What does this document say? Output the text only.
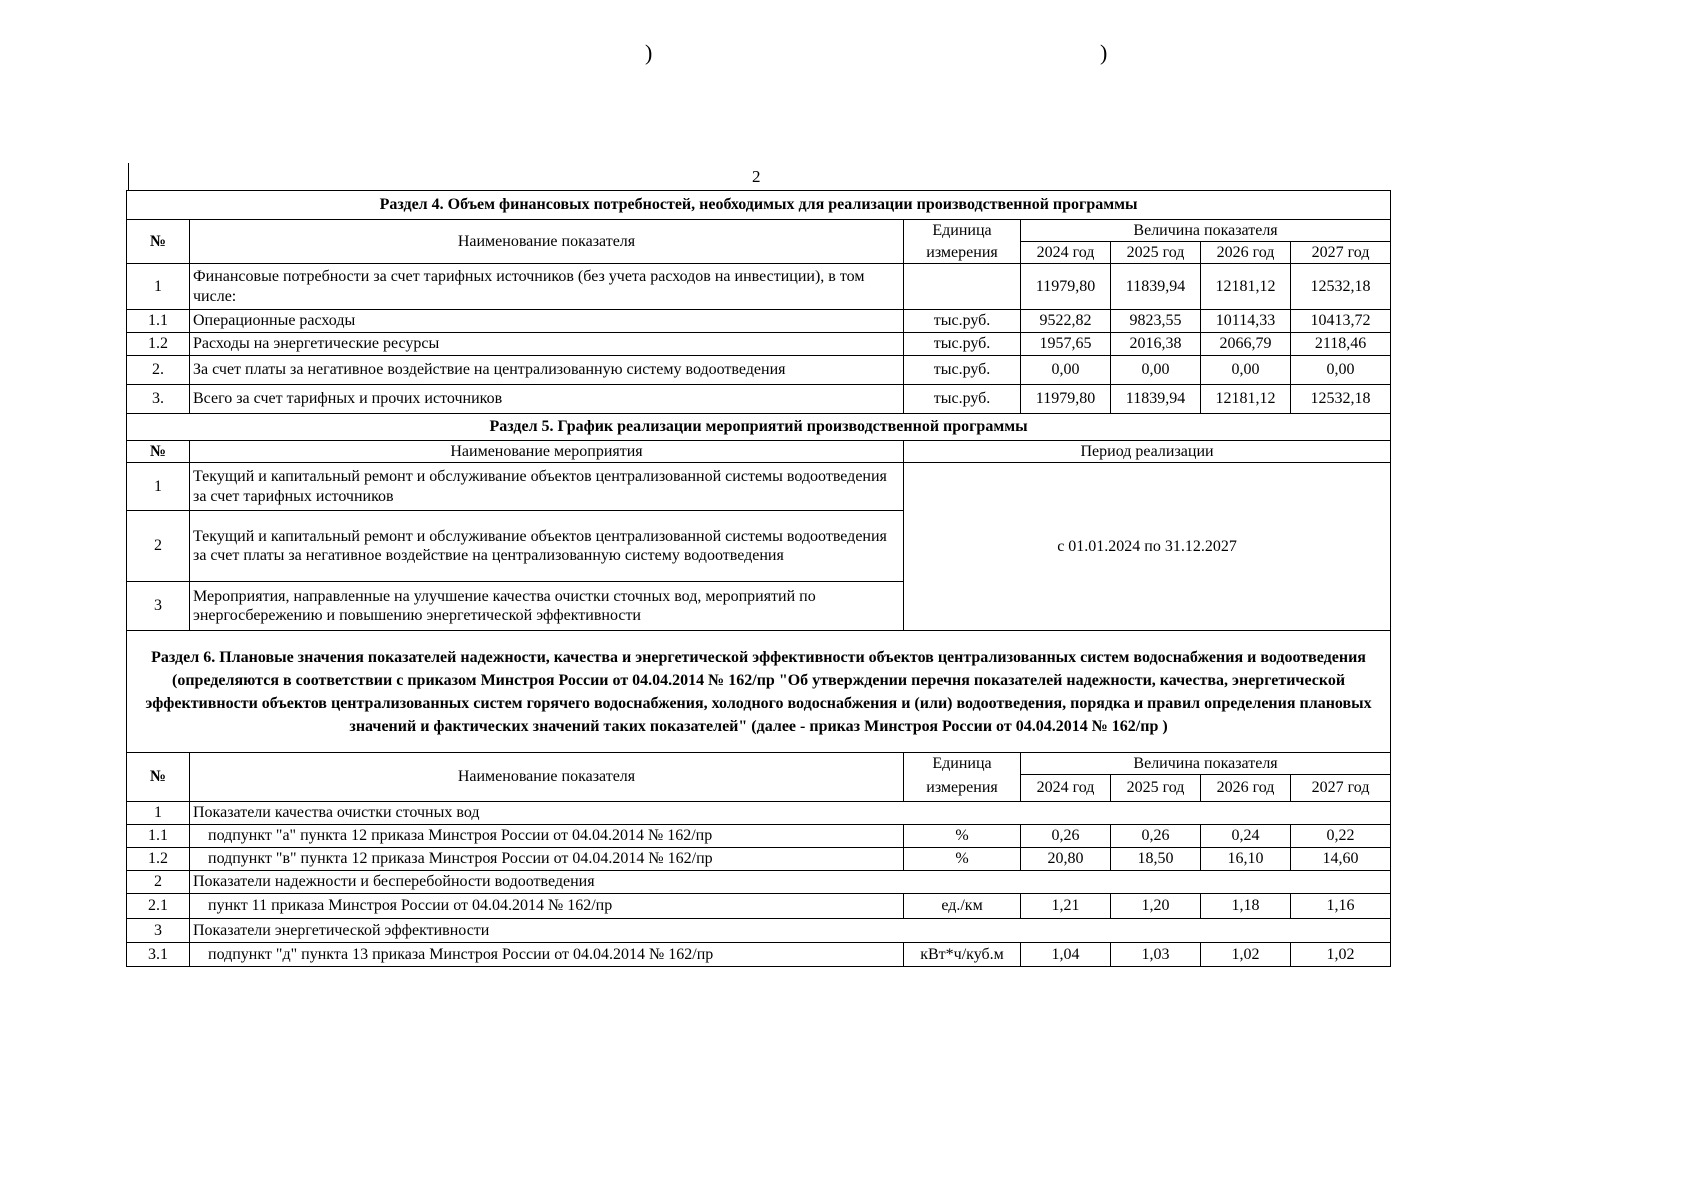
)	)
2
Раздел 4. Объем финансовых потребностей, необходимых для реализации производственной программы						
№	Наименование показателя	Единица	Величина показателя			
		измерения	2024 год	2025 год	2026 год	2027 год
1	Финансовые потребности за счет тарифных источников (без учета расходов на инвестиции), в том числе:		11979,80	11839,94	12181,12	12532,18
1.1	Операционные расходы	тыс.руб.	9522,82	9823,55	10114,33	10413,72
1.2	Расходы на энергетические ресурсы	тыс.руб.	1957,65	2016,38	2066,79	2118,46
2.	За счет платы за негативное воздействие на централизованную систему водоотведения	тыс.руб.	0,00	0,00	0,00	0,00
3.	Всего за счет тарифных и прочих источников	тыс.руб.	11979,80	11839,94	12181,12	12532,18
Раздел 5. График реализации мероприятий производственной программы						
№	Наименование мероприятия	Период реализации				
1	Текущий и капитальный ремонт и обслуживание объектов централизованной системы водоотведения за счет тарифных источников	с 01.01.2024 по 31.12.2027				
2	Текущий и капитальный ремонт и обслуживание объектов централизованной системы водоотведения за счет платы за негативное воздействие на централизованную систему водоотведения					
3	Мероприятия, направленные на улучшение качества очистки сточных вод, мероприятий по энергосбережению и повышению энергетической эффективности					
Раздел 6. Плановые значения показателей надежности, качества и энергетической эффективности объектов централизованных систем водоснабжения и водоотведения (определяются в соответствии с приказом Минстроя России от 04.04.2014 № 162/пр "Об утверждении перечня показателей надежности, качества, энергетической эффективности объектов централизованных систем горячего водоснабжения, холодного водоснабжения и (или) водоотведения, порядка и правил определения плановых значений и фактических значений таких показателей" (далее - приказ Минстроя России от 04.04.2014 № 162/пр )						
№	Наименование показателя	Единица	Величина показателя			
		измерения	2024 год	2025 год	2026 год	2027 год
1	Показатели качества очистки сточных вод					
1.1	подпункт "а" пункта 12 приказа Минстроя России от 04.04.2014 № 162/пр	%	0,26	0,26	0,24	0,22
1.2	подпункт "в" пункта 12 приказа Минстроя России от 04.04.2014 № 162/пр	%	20,80	18,50	16,10	14,60
2	Показатели надежности и бесперебойности водоотведения					
2.1	пункт 11 приказа Минстроя России от 04.04.2014 № 162/пр	ед./км	1,21	1,20	1,18	1,16
3	Показатели энергетической эффективности					
3.1	подпункт "д" пункта 13 приказа Минстроя России от 04.04.2014 № 162/пр	кВт*ч/куб.м	1,04	1,03	1,02	1,02
